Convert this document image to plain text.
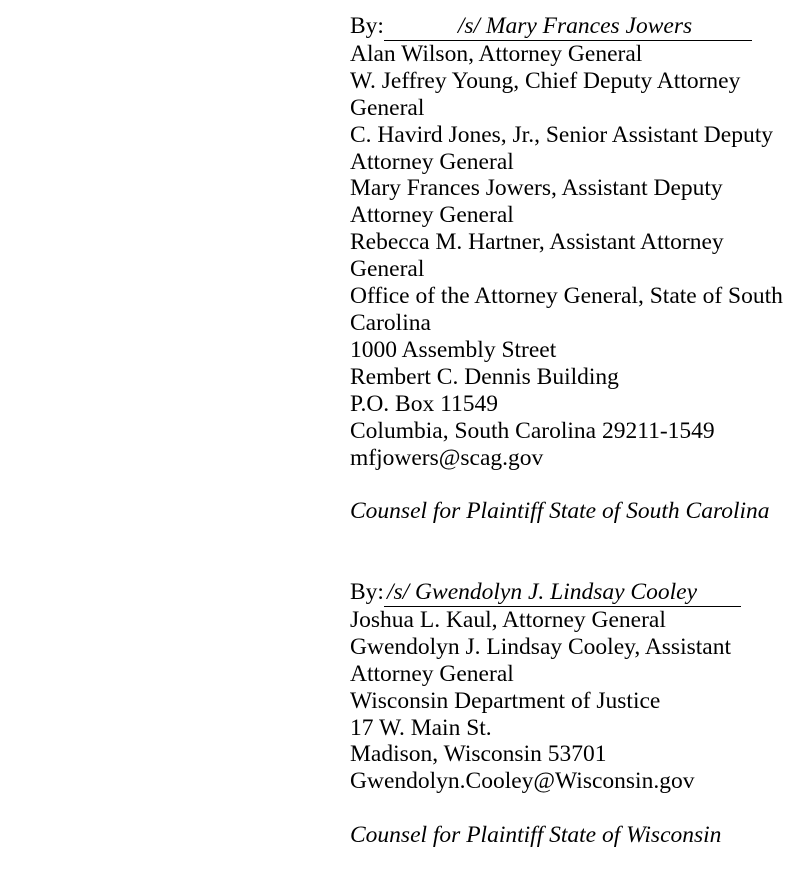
By:	/s/ Mary Frances Jowers
Alan Wilson, Attorney General
W. Jeffrey Young, Chief Deputy Attorney
General
C. Havird Jones, Jr., Senior Assistant Deputy
Attorney General
Mary Frances Jowers, Assistant Deputy
Attorney General
Rebecca M. Hartner, Assistant Attorney
General
Office of the Attorney General, State of South
Carolina
1000 Assembly Street
Rembert C. Dennis Building
P.O. Box 11549
Columbia, South Carolina 29211-1549
mfjowers@scag.gov
Counsel for Plaintiff State of South Carolina
By: /s/ Gwendolyn J. Lindsay Cooley
Joshua L. Kaul, Attorney General
Gwendolyn J. Lindsay Cooley, Assistant
Attorney General
Wisconsin Department of Justice
17 W. Main St.
Madison, Wisconsin 53701
Gwendolyn.Cooley@Wisconsin.gov
Counsel for Plaintiff State of Wisconsin
